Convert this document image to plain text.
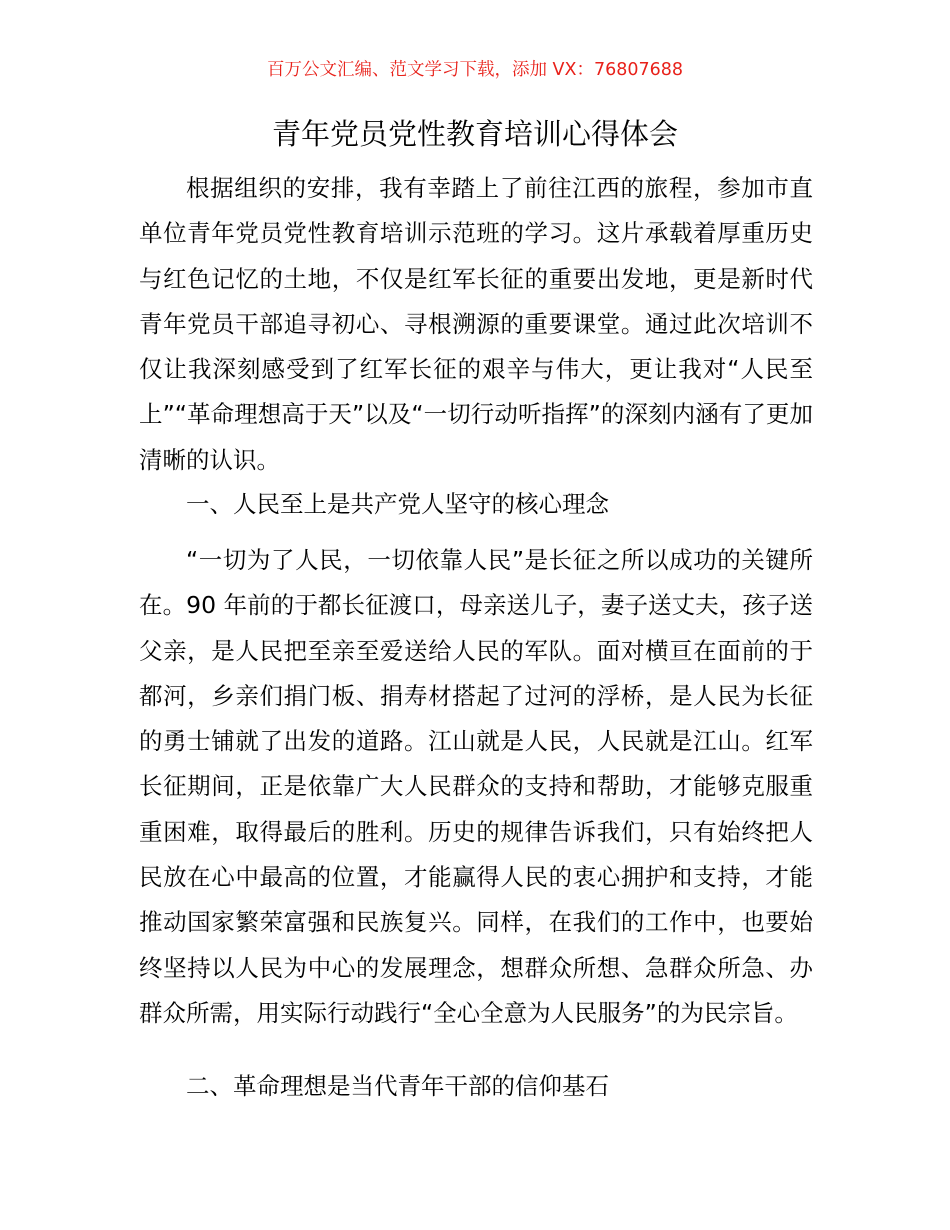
百万公文汇编、范文学习下载，添加 VX：76807688
青年党员党性教育培训心得体会

根据组织的安排，我有幸踏上了前往江西的旅程，参加市直单位青年党员党性教育培训示范班的学习。这片承载着厚重历史与红色记忆的土地，不仅是红军长征的重要出发地，更是新时代青年党员干部追寻初心、寻根溯源的重要课堂。通过此次培训不仅让我深刻感受到了红军长征的艰辛与伟大，更让我对“人民至上”“革命理想高于天”以及“一切行动听指挥”的深刻内涵有了更加清晰的认识。

一、人民至上是共产党人坚守的核心理念

“一切为了人民，一切依靠人民”是长征之所以成功的关键所在。90 年前的于都长征渡口，母亲送儿子，妻子送丈夫，孩子送父亲，是人民把至亲至爱送给人民的军队。面对横亘在面前的于都河，乡亲们捐门板、捐寿材搭起了过河的浮桥，是人民为长征的勇士铺就了出发的道路。江山就是人民，人民就是江山。红军长征期间，正是依靠广大人民群众的支持和帮助，才能够克服重重困难，取得最后的胜利。历史的规律告诉我们，只有始终把人民放在心中最高的位置，才能赢得人民的衷心拥护和支持，才能推动国家繁荣富强和民族复兴。同样，在我们的工作中，也要始终坚持以人民为中心的发展理念，想群众所想、急群众所急、办群众所需，用实际行动践行“全心全意为人民服务”的为民宗旨。

二、革命理想是当代青年干部的信仰基石
